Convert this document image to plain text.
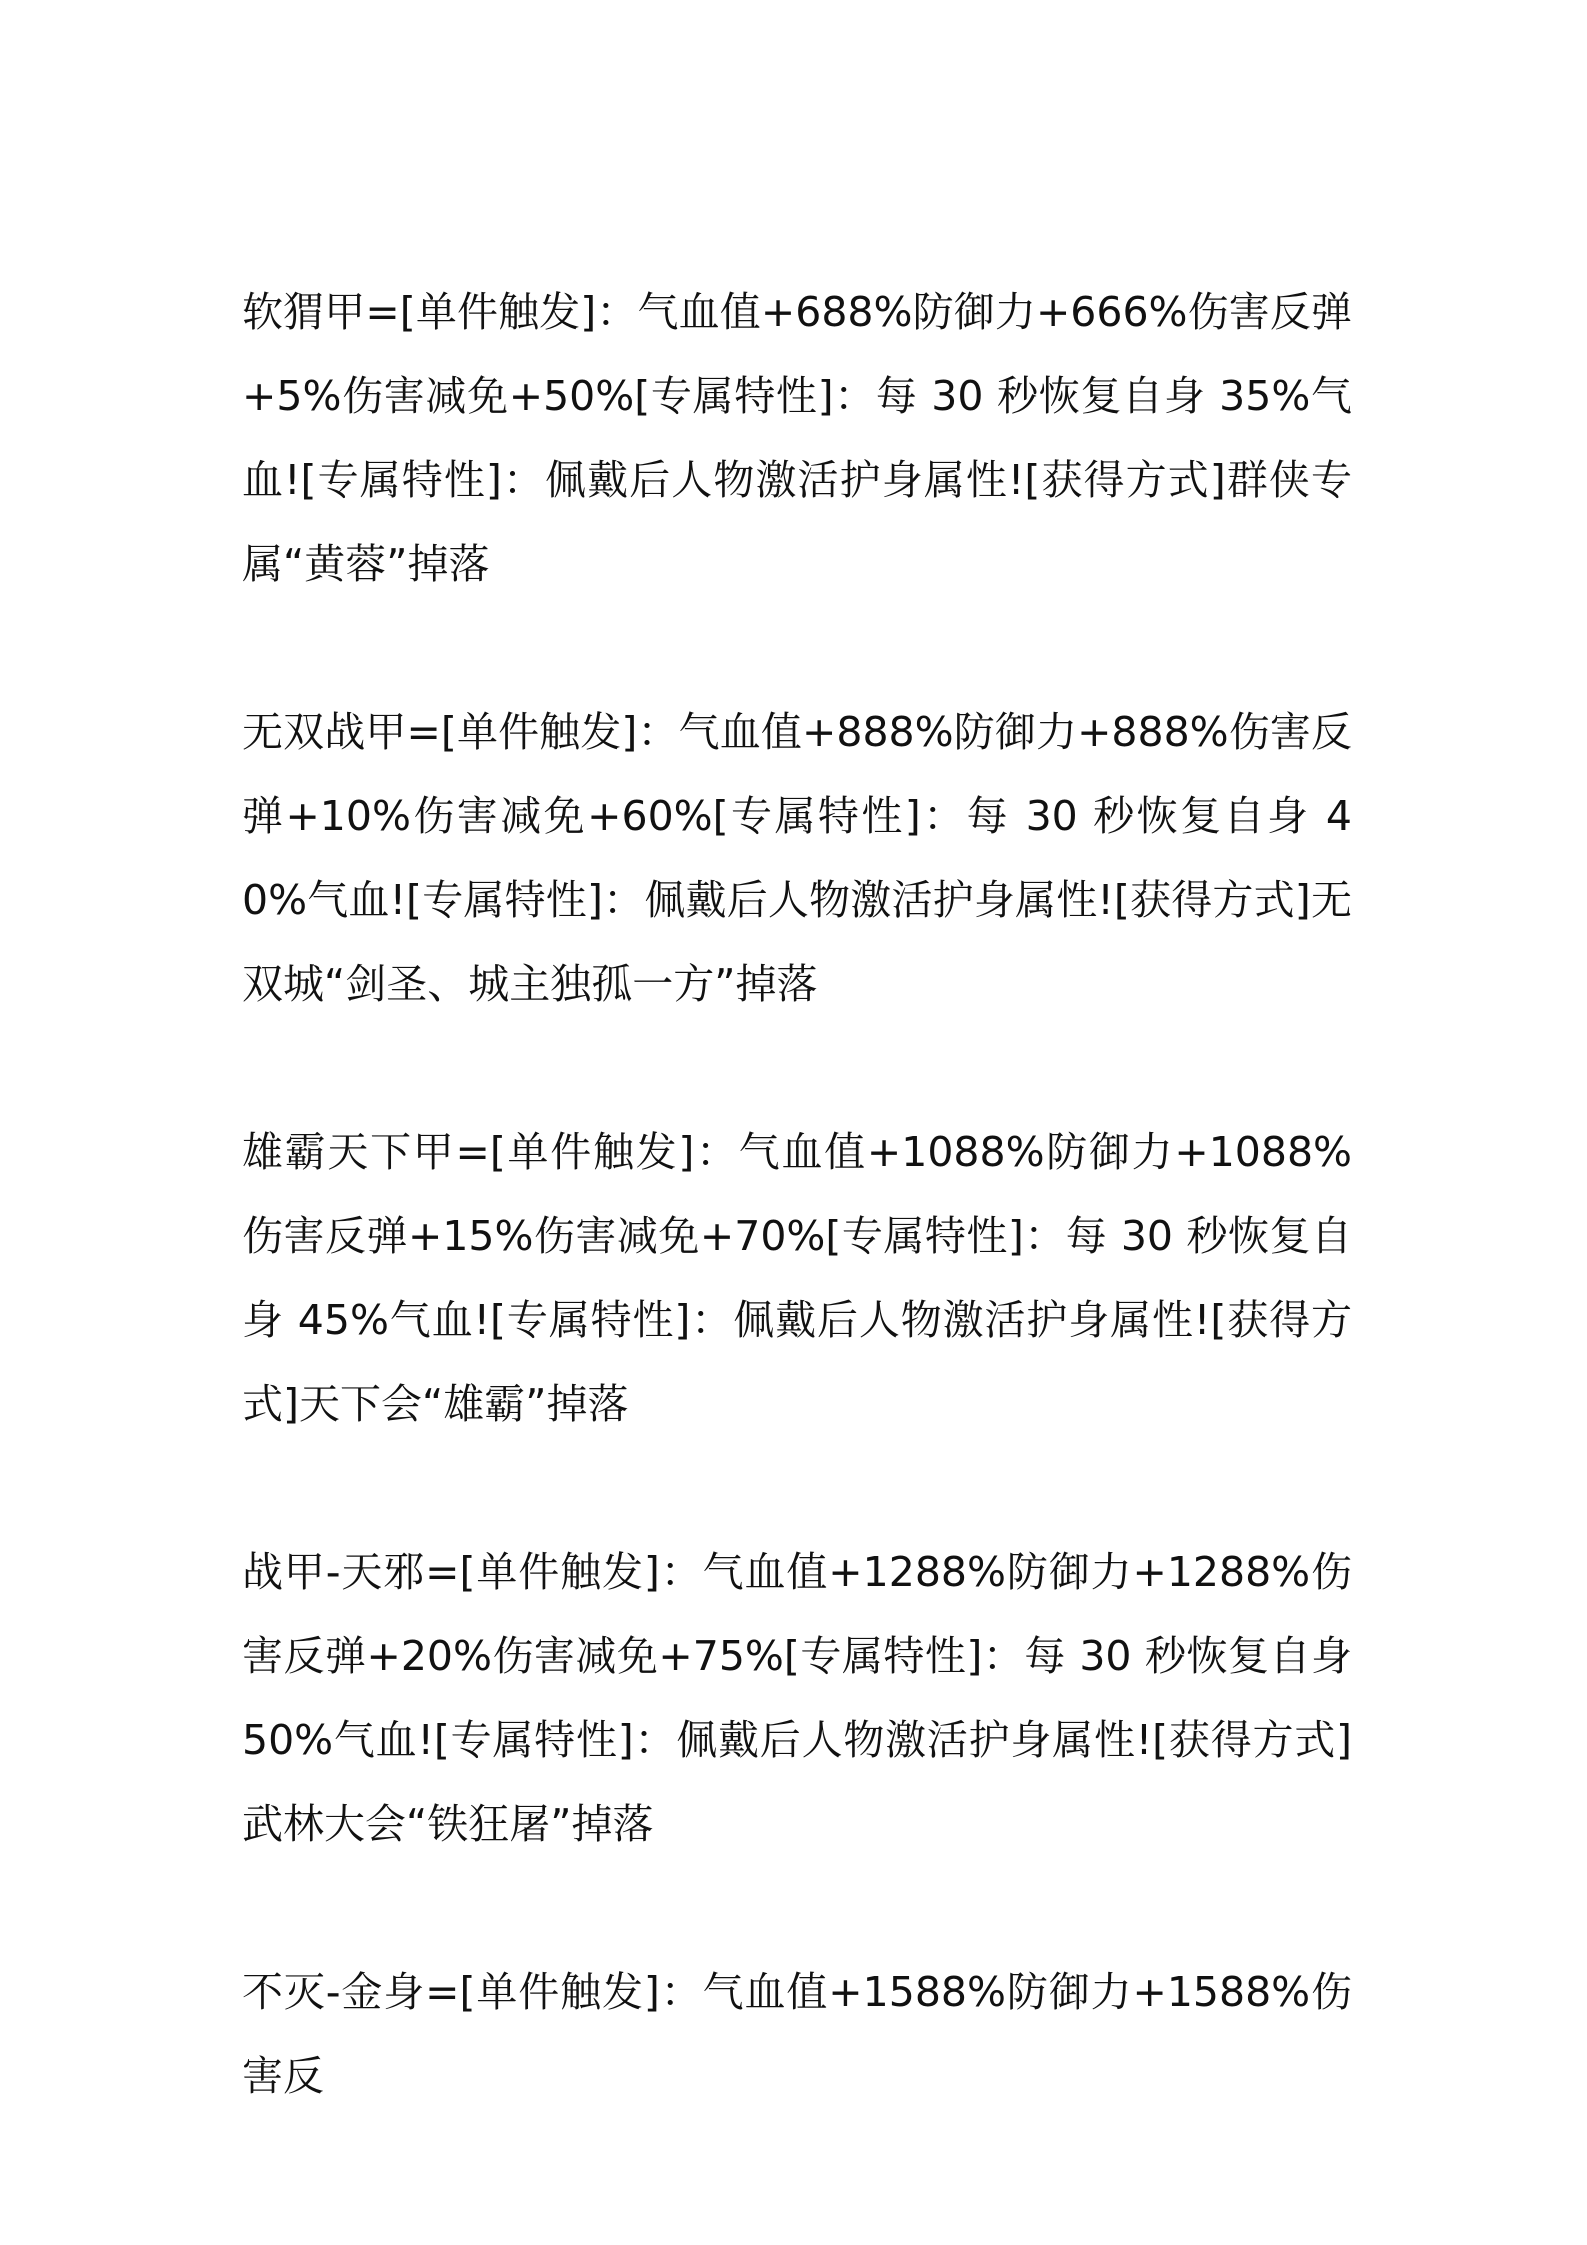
软猬甲=[单件触发]：气血值+688%防御力+666%伤害反弹+5%伤害减免+50%[专属特性]：每 30 秒恢复自身 35%气血![专属特性]：佩戴后人物激活护身属性![获得方式]群侠专属“黄蓉”掉落

无双战甲=[单件触发]：气血值+888%防御力+888%伤害反弹+10%伤害减免+60%[专属特性]：每 30 秒恢复自身 40%气血![专属特性]：佩戴后人物激活护身属性![获得方式]无双城“剑圣、城主独孤一方”掉落

雄霸天下甲=[单件触发]：气血值+1088%防御力+1088%伤害反弹+15%伤害减免+70%[专属特性]：每 30 秒恢复自身 45%气血![专属特性]：佩戴后人物激活护身属性![获得方式]天下会“雄霸”掉落

战甲-天邪=[单件触发]：气血值+1288%防御力+1288%伤害反弹+20%伤害减免+75%[专属特性]：每 30 秒恢复自身 50%气血![专属特性]：佩戴后人物激活护身属性![获得方式]武林大会“铁狂屠”掉落

不灭-金身=[单件触发]：气血值+1588%防御力+1588%伤害反
